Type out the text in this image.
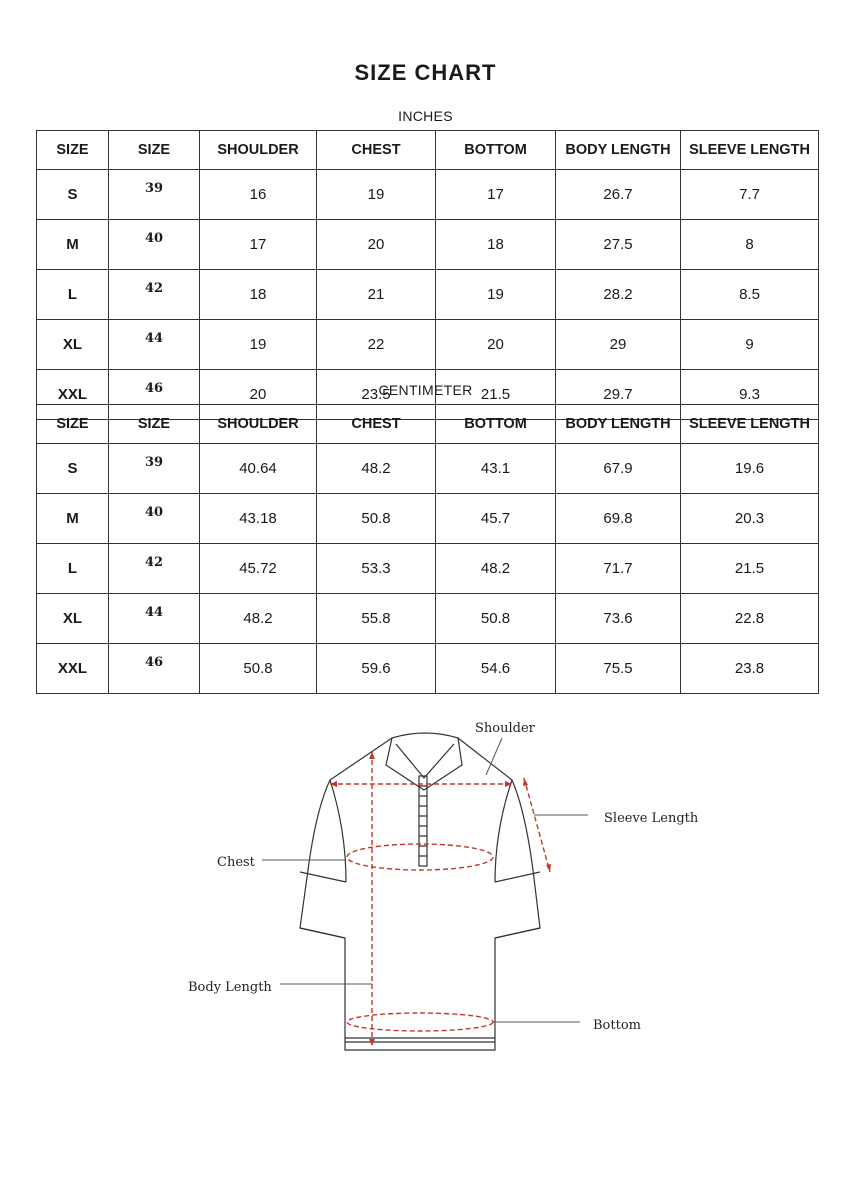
SIZE CHART
INCHES
SIZE	SIZE	SHOULDER	CHEST	BOTTOM	BODY LENGTH	SLEEVE LENGTH
S	39	16	19	17	26.7	7.7
M	40	17	20	18	27.5	8
L	42	18	21	19	28.2	8.5
XL	44	19	22	20	29	9
XXL	46	20	23.5	21.5	29.7	9.3
CENTIMETER
SIZE	SIZE	SHOULDER	CHEST	BOTTOM	BODY LENGTH	SLEEVE LENGTH
S	39	40.64	48.2	43.1	67.9	19.6
M	40	43.18	50.8	45.7	69.8	20.3
L	42	45.72	53.3	48.2	71.7	21.5
XL	44	48.2	55.8	50.8	73.6	22.8
XXL	46	50.8	59.6	54.6	75.5	23.8
Shoulder
Sleeve Length
Chest
Body Length
Bottom
